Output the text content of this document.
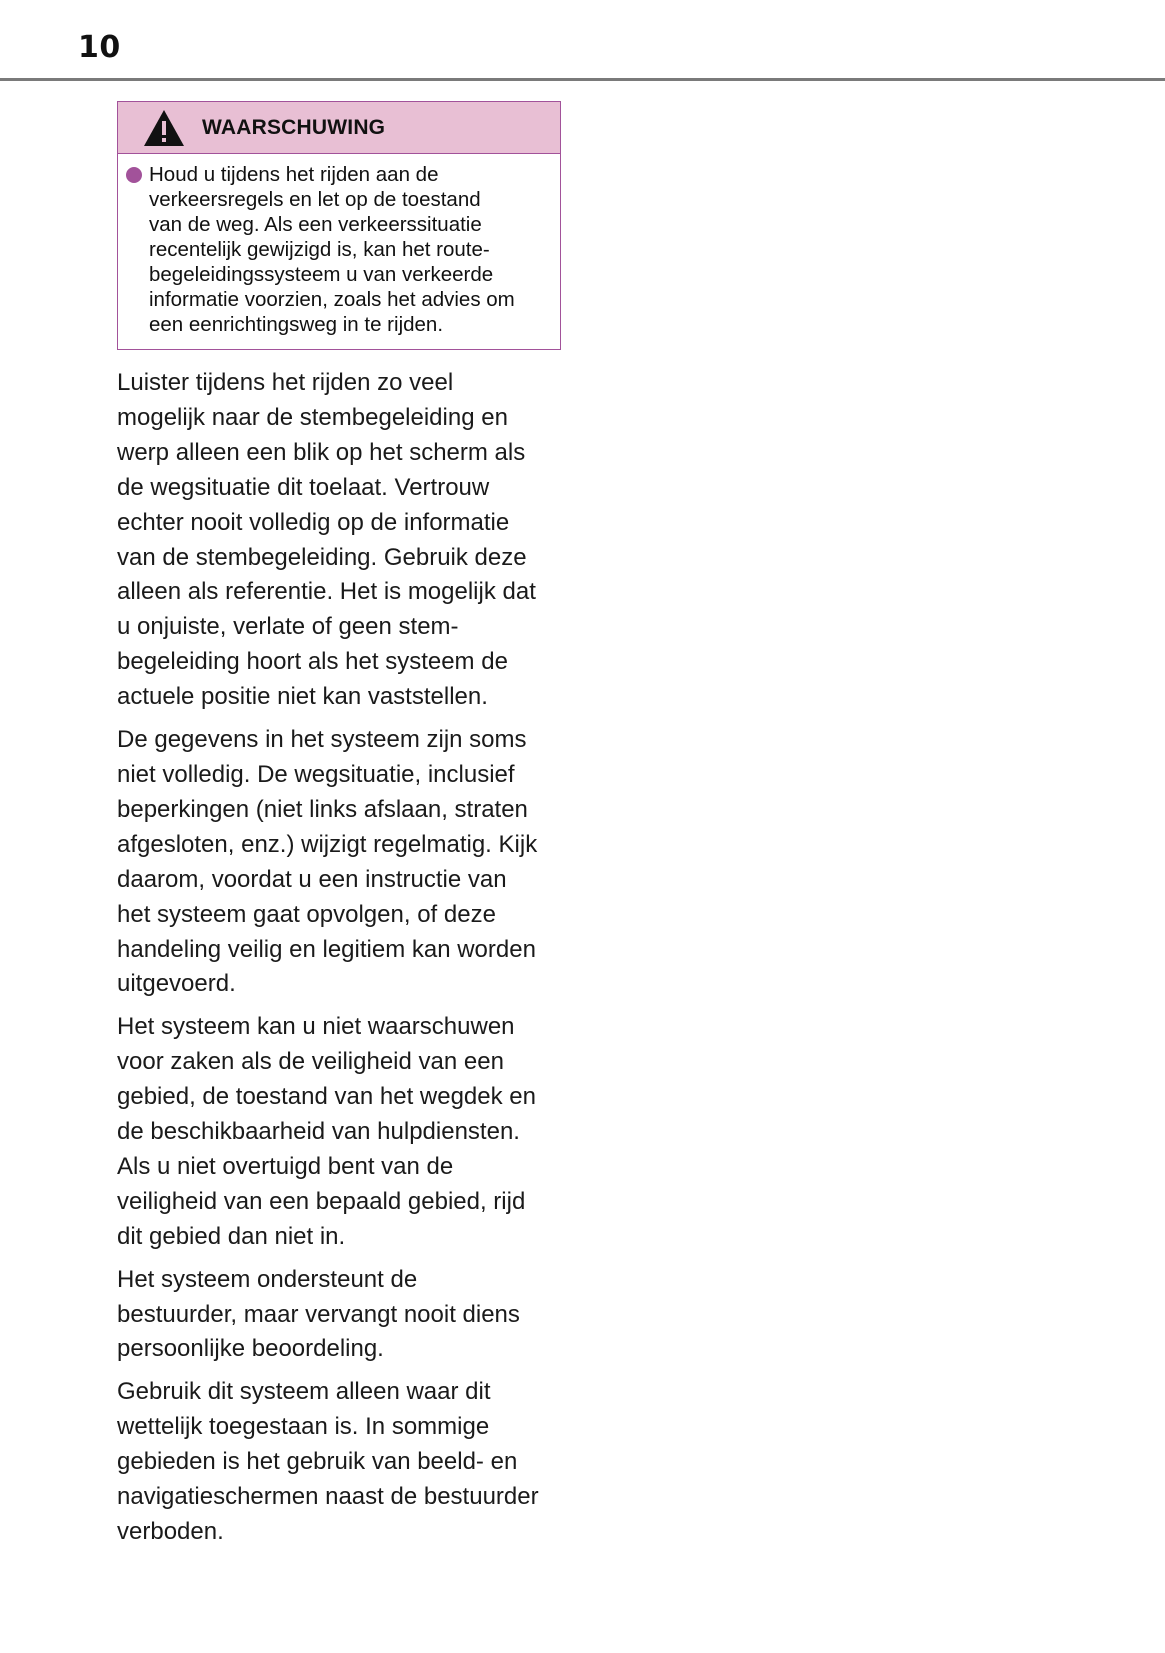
10
WAARSCHUWING
Houd u tijdens het rijden aan de
verkeersregels en let op de toestand
van de weg. Als een verkeerssituatie
recentelijk gewijzigd is, kan het route-
begeleidingssysteem u van verkeerde
informatie voorzien, zoals het advies om
een eenrichtingsweg in te rijden.
Luister tijdens het rijden zo veel
mogelijk naar de stembegeleiding en
werp alleen een blik op het scherm als
de wegsituatie dit toelaat. Vertrouw
echter nooit volledig op de informatie
van de stembegeleiding. Gebruik deze
alleen als referentie. Het is mogelijk dat
u onjuiste, verlate of geen stem-
begeleiding hoort als het systeem de
actuele positie niet kan vaststellen.
De gegevens in het systeem zijn soms
niet volledig. De wegsituatie, inclusief
beperkingen (niet links afslaan, straten
afgesloten, enz.) wijzigt regelmatig. Kijk
daarom, voordat u een instructie van
het systeem gaat opvolgen, of deze
handeling veilig en legitiem kan worden
uitgevoerd.
Het systeem kan u niet waarschuwen
voor zaken als de veiligheid van een
gebied, de toestand van het wegdek en
de beschikbaarheid van hulpdiensten.
Als u niet overtuigd bent van de
veiligheid van een bepaald gebied, rijd
dit gebied dan niet in.
Het systeem ondersteunt de
bestuurder, maar vervangt nooit diens
persoonlijke beoordeling.
Gebruik dit systeem alleen waar dit
wettelijk toegestaan is. In sommige
gebieden is het gebruik van beeld- en
navigatieschermen naast de bestuurder
verboden.
